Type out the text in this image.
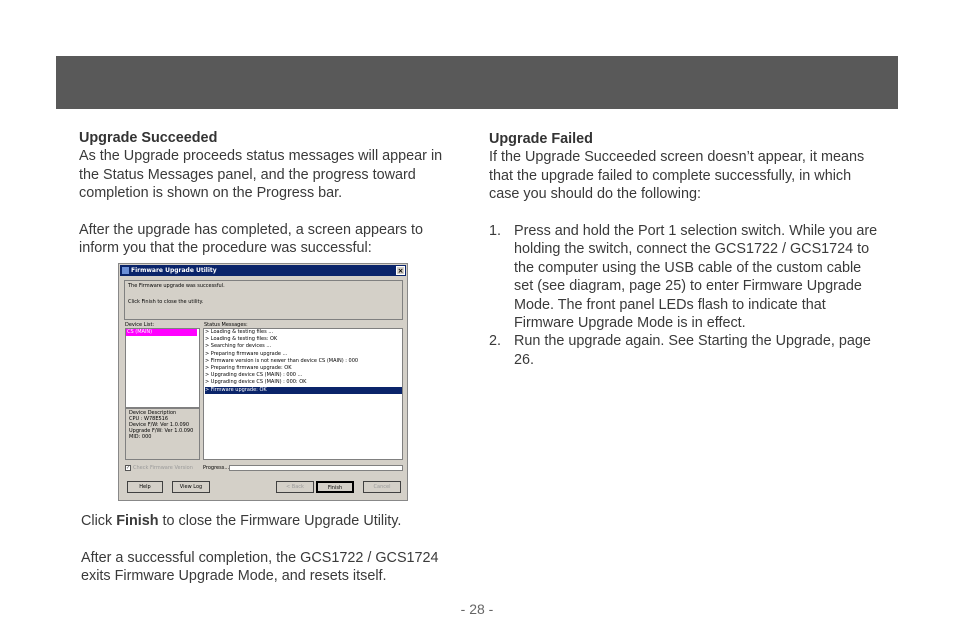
Upgrade Succeeded

As the Upgrade proceeds status messages will appear in the Status Messages panel, and the progress toward completion is shown on the Progress bar.

After the upgrade has completed, a screen appears to inform you that the procedure was successful:

Firmware Upgrade Utility	×
The Firmware upgrade was successful.
Click Finish to close the utility.
Device List:	Status Messages:
CS (MAIN)
Device Description
CPU : W78E516
Device F/W: Ver 1.0.090
Upgrade F/W: Ver 1.0.090
MID: 000
> Loading & testing files ...
> Loading & testing files: OK
> Searching for devices ...
> Preparing firmware upgrade ...
> Firmware version is not newer than device CS (MAIN) : 000
> Preparing firmware upgrade: OK
> Upgrading device CS (MAIN) : 000 ...
> Upgrading device CS (MAIN) : 000: OK
> Firmware upgrade: OK
✓ Check Firmware Version Progress...
Help	View Log	< Back	Finish	Cancel

Click Finish to close the Firmware Upgrade Utility.

After a successful completion, the GCS1722 / GCS1724 exits Firmware Upgrade Mode, and resets itself.

Upgrade Failed

If the Upgrade Succeeded screen doesn’t appear, it means that the upgrade failed to complete successfully, in which case you should do the following:

1. Press and hold the Port 1 selection switch. While you are holding the switch, connect the GCS1722 / GCS1724 to the computer using the USB cable of the custom cable set (see diagram, page 25) to enter Firmware Upgrade Mode. The front panel LEDs flash to indicate that Firmware Upgrade Mode is in effect.
2. Run the upgrade again. See Starting the Upgrade, page 26.
- 28 -
